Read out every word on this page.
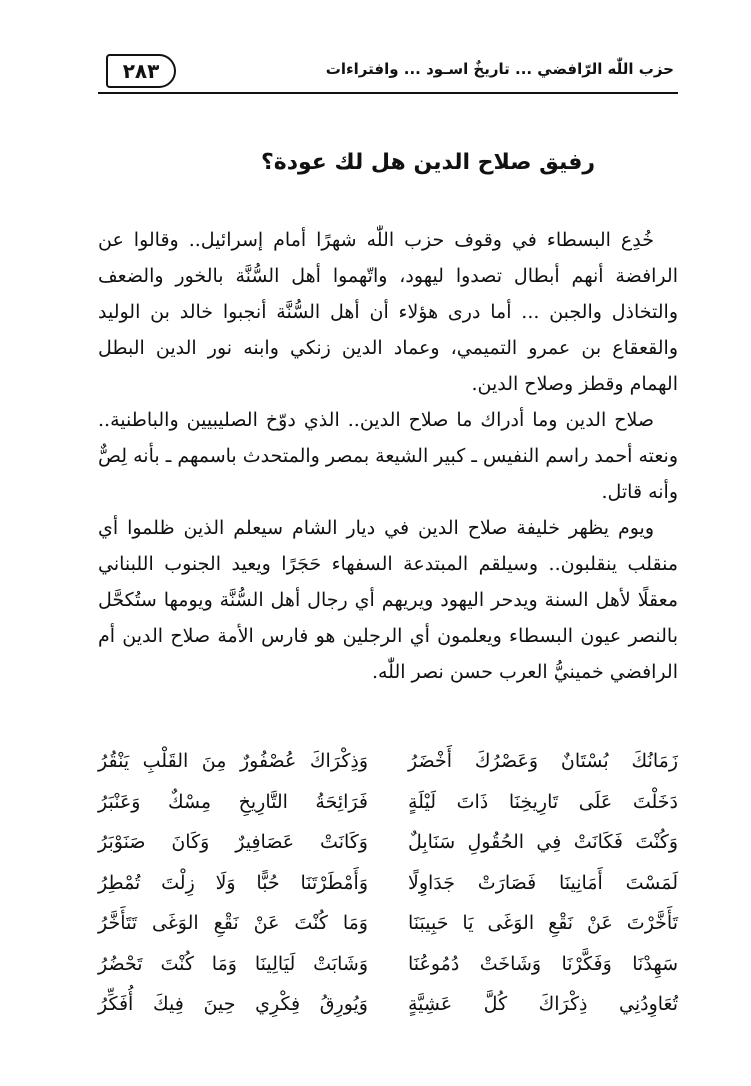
٢٨٣	حزب اللّٰه الرّافضي ... تاريخٌ اسـود ... وافتراءات
رفيق صلاح الدين هل لك عودة؟

خُدِع البسطاء في وقوف حزب اللّٰه شهرًا أمام إسرائيل.. وقالوا عن الرافضة أنهم أبطال تصدوا ليهود، واتّهموا أهل السُّنَّة بالخور والضعف والتخاذل والجبن ... أما درى هؤلاء أن أهل السُّنَّة أنجبوا خالد بن الوليد والقعقاع بن عمرو التميمي، وعماد الدين زنكي وابنه نور الدين البطل الهمام وقطز وصلاح الدين.

صلاح الدين وما أدراك ما صلاح الدين.. الذي دوّخ الصليبيين والباطنية.. ونعته أحمد راسم النفيس ـ كبير الشيعة بمصر والمتحدث باسمهم ـ بأنه لِصٌّ وأنه قاتل.

ويوم يظهر خليفة صلاح الدين في ديار الشام سيعلم الذين ظلموا أي منقلب ينقلبون.. وسيلقم المبتدعة السفهاء حَجَرًا ويعيد الجنوب اللبناني معقلًا لأهل السنة ويدحر اليهود ويريهم أي رجال أهل السُّنَّة ويومها ستُكحَّل بالنصر عيون البسطاء ويعلمون أي الرجلين هو فارس الأمة صلاح الدين أم الرافضي خمينيُّ العرب حسن نصر اللّٰه.

زَمَانُكَ بُسْتَانٌ وَعَصْرُكَ أَخْضَرُ
وَذِكْرَاكَ عُصْفُورٌ مِنَ القَلْبِ يَنْقُرُ
دَخَلْتَ عَلَى تَارِيخِنَا ذَاتَ لَيْلَةٍ
فَرَائِحَةُ التَّارِيخِ مِسْكٌ وَعَنْبَرُ
وَكُنْتَ فَكَانَتْ فِي الحُقُولِ سَنَابِلٌ
وَكَانَتْ عَصَافِيرٌ وَكَانَ صَنَوْبَرُ
لَمَسْتَ أَمَانِينَا فَصَارَتْ جَدَاوِلًا
وَأَمْطَرْتَنَا حُبًّا وَلَا زِلْتَ تُمْطِرُ
تَأَخَّرْتَ عَنْ نَقْعِ الوَغَى يَا حَبِيبَنَا
وَمَا كُنْتَ عَنْ نَقْعِ الوَغَى تَتَأَخَّرُ
سَهِدْنَا وَفَكَّرْنَا وَشَاخَتْ دُمُوعُنَا
وَشَابَتْ لَيَالِينَا وَمَا كُنْتَ تَحْضُرُ
تُعَاوِدُنِي ذِكْرَاكَ كُلَّ عَشِيَّةٍ
وَيُورِقُ فِكْرِي حِينَ فِيكَ أُفَكِّرُ
